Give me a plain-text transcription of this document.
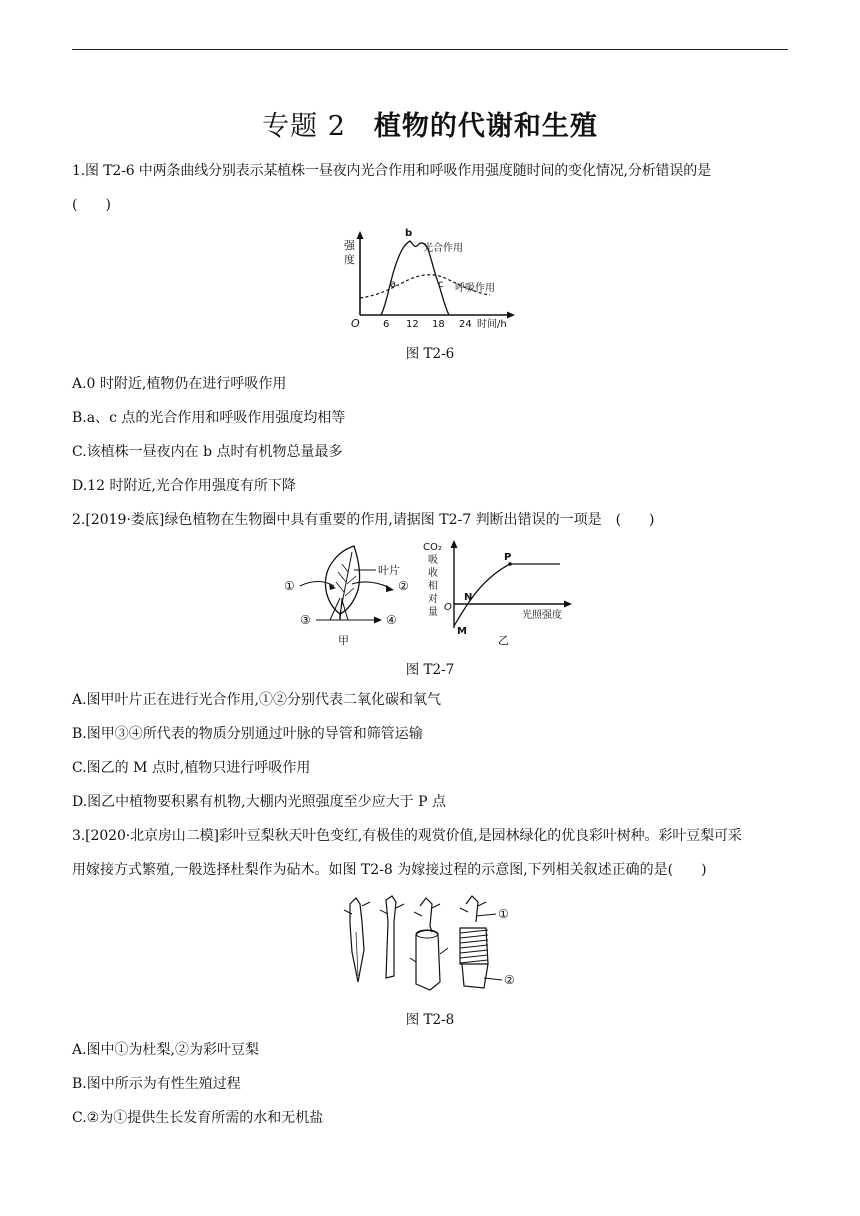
专题 2 植物的代谢和生殖
1.图 T2-6 中两条曲线分别表示某植株一昼夜内光合作用和呼吸作用强度随时间的变化情况,分析错误的是
(　　)
强
度
a
b
c
光合作用
呼吸作用
O 6 12 18 24 时间/h
图 T2-6
A.0 时附近,植物仍在进行呼吸作用
B.a、c 点的光合作用和呼吸作用强度均相等
C.该植株一昼夜内在 b 点时有机物总量最多
D.12 时附近,光合作用强度有所下降
2.[2019·娄底]绿色植物在生物圈中具有重要的作用,请据图 T2-7 判断出错误的一项是　(　　)
叶片
①	②
③	④
甲
CO₂
吸
收
相
对
量
P
N
M
O
光照强度
乙
图 T2-7
A.图甲叶片正在进行光合作用,①②分别代表二氧化碳和氧气
B.图甲③④所代表的物质分别通过叶脉的导管和筛管运输
C.图乙的 M 点时,植物只进行呼吸作用
D.图乙中植物要积累有机物,大棚内光照强度至少应大于 P 点
3.[2020·北京房山二模]彩叶豆梨秋天叶色变红,有极佳的观赏价值,是园林绿化的优良彩叶树种。彩叶豆梨可采
用嫁接方式繁殖,一般选择杜梨作为砧木。如图 T2-8 为嫁接过程的示意图,下列相关叙述正确的是(　　)
①
②
图 T2-8
A.图中①为杜梨,②为彩叶豆梨
B.图中所示为有性生殖过程
C.②为①提供生长发育所需的水和无机盐
